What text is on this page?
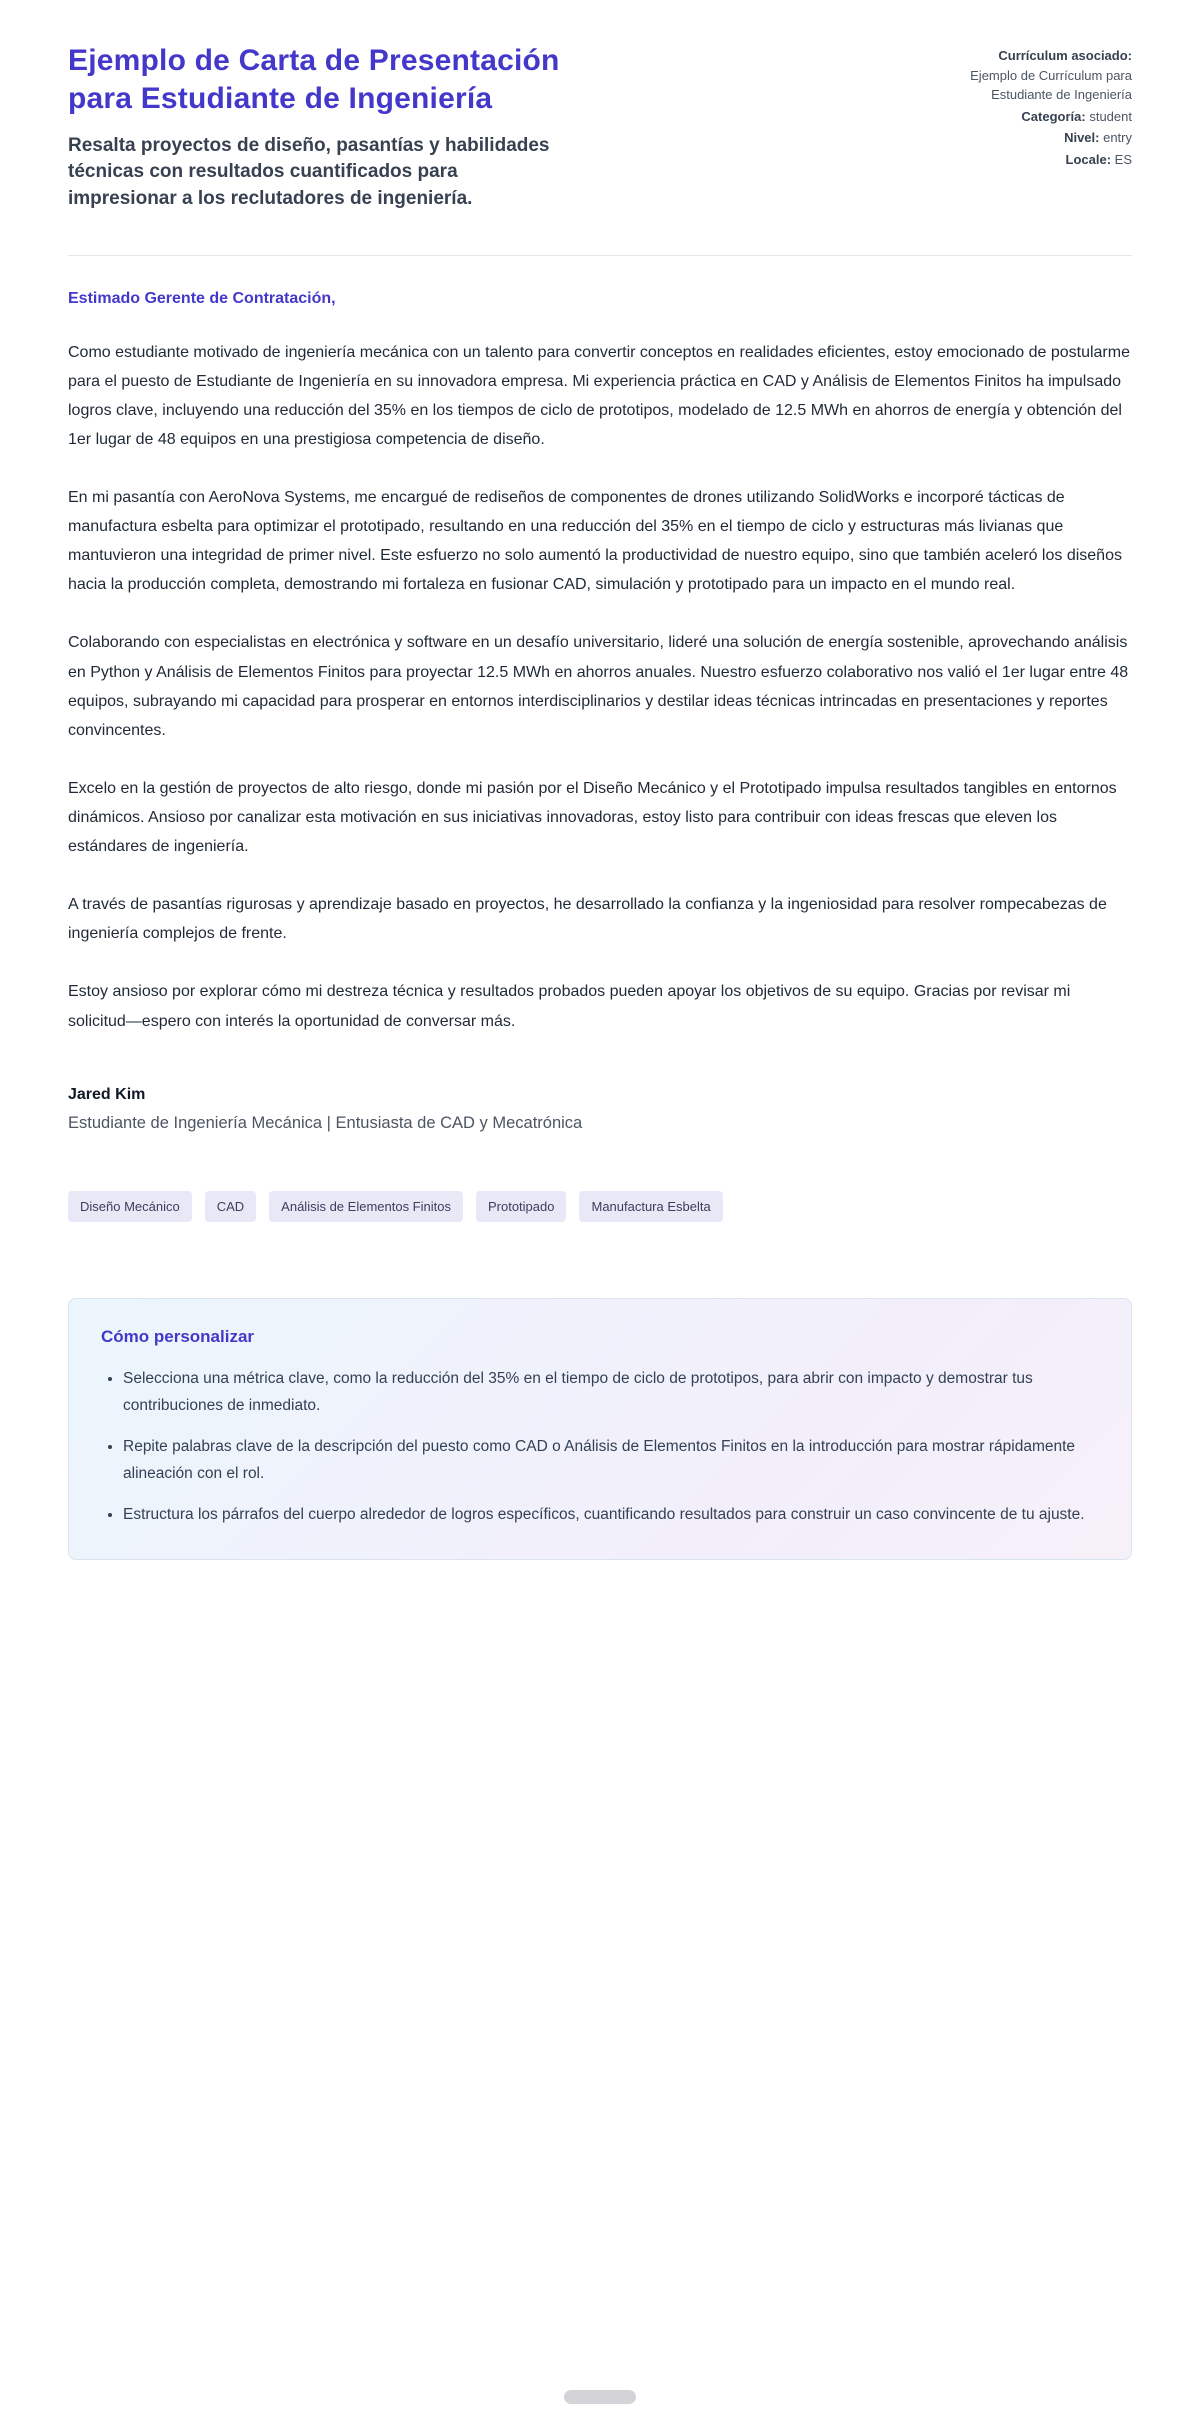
Ejemplo de Carta de Presentación para Estudiante de Ingeniería

Resalta proyectos de diseño, pasantías y habilidades técnicas con resultados cuantificados para impresionar a los reclutadores de ingeniería.

Currículum asociado:
Ejemplo de Currículum para Estudiante de Ingeniería
Categoría: student
Nivel: entry
Locale: ES

Estimado Gerente de Contratación,

Como estudiante motivado de ingeniería mecánica con un talento para convertir conceptos en realidades eficientes, estoy emocionado de postularme para el puesto de Estudiante de Ingeniería en su innovadora empresa. Mi experiencia práctica en CAD y Análisis de Elementos Finitos ha impulsado logros clave, incluyendo una reducción del 35% en los tiempos de ciclo de prototipos, modelado de 12.5 MWh en ahorros de energía y obtención del 1er lugar de 48 equipos en una prestigiosa competencia de diseño.

En mi pasantía con AeroNova Systems, me encargué de rediseños de componentes de drones utilizando SolidWorks e incorporé tácticas de manufactura esbelta para optimizar el prototipado, resultando en una reducción del 35% en el tiempo de ciclo y estructuras más livianas que mantuvieron una integridad de primer nivel. Este esfuerzo no solo aumentó la productividad de nuestro equipo, sino que también aceleró los diseños hacia la producción completa, demostrando mi fortaleza en fusionar CAD, simulación y prototipado para un impacto en el mundo real.

Colaborando con especialistas en electrónica y software en un desafío universitario, lideré una solución de energía sostenible, aprovechando análisis en Python y Análisis de Elementos Finitos para proyectar 12.5 MWh en ahorros anuales. Nuestro esfuerzo colaborativo nos valió el 1er lugar entre 48 equipos, subrayando mi capacidad para prosperar en entornos interdisciplinarios y destilar ideas técnicas intrincadas en presentaciones y reportes convincentes.

Excelo en la gestión de proyectos de alto riesgo, donde mi pasión por el Diseño Mecánico y el Prototipado impulsa resultados tangibles en entornos dinámicos. Ansioso por canalizar esta motivación en sus iniciativas innovadoras, estoy listo para contribuir con ideas frescas que eleven los estándares de ingeniería.

A través de pasantías rigurosas y aprendizaje basado en proyectos, he desarrollado la confianza y la ingeniosidad para resolver rompecabezas de ingeniería complejos de frente.

Estoy ansioso por explorar cómo mi destreza técnica y resultados probados pueden apoyar los objetivos de su equipo. Gracias por revisar mi solicitud—espero con interés la oportunidad de conversar más.

Jared Kim

Estudiante de Ingeniería Mecánica | Entusiasta de CAD y Mecatrónica

Diseño Mecánico	CAD	Análisis de Elementos Finitos	Prototipado	Manufactura Esbelta
Cómo personalizar
• Selecciona una métrica clave, como la reducción del 35% en el tiempo de ciclo de prototipos, para abrir con impacto y demostrar tus contribuciones de inmediato.
• Repite palabras clave de la descripción del puesto como CAD o Análisis de Elementos Finitos en la introducción para mostrar rápidamente alineación con el rol.
• Estructura los párrafos del cuerpo alrededor de logros específicos, cuantificando resultados para construir un caso convincente de tu ajuste.
